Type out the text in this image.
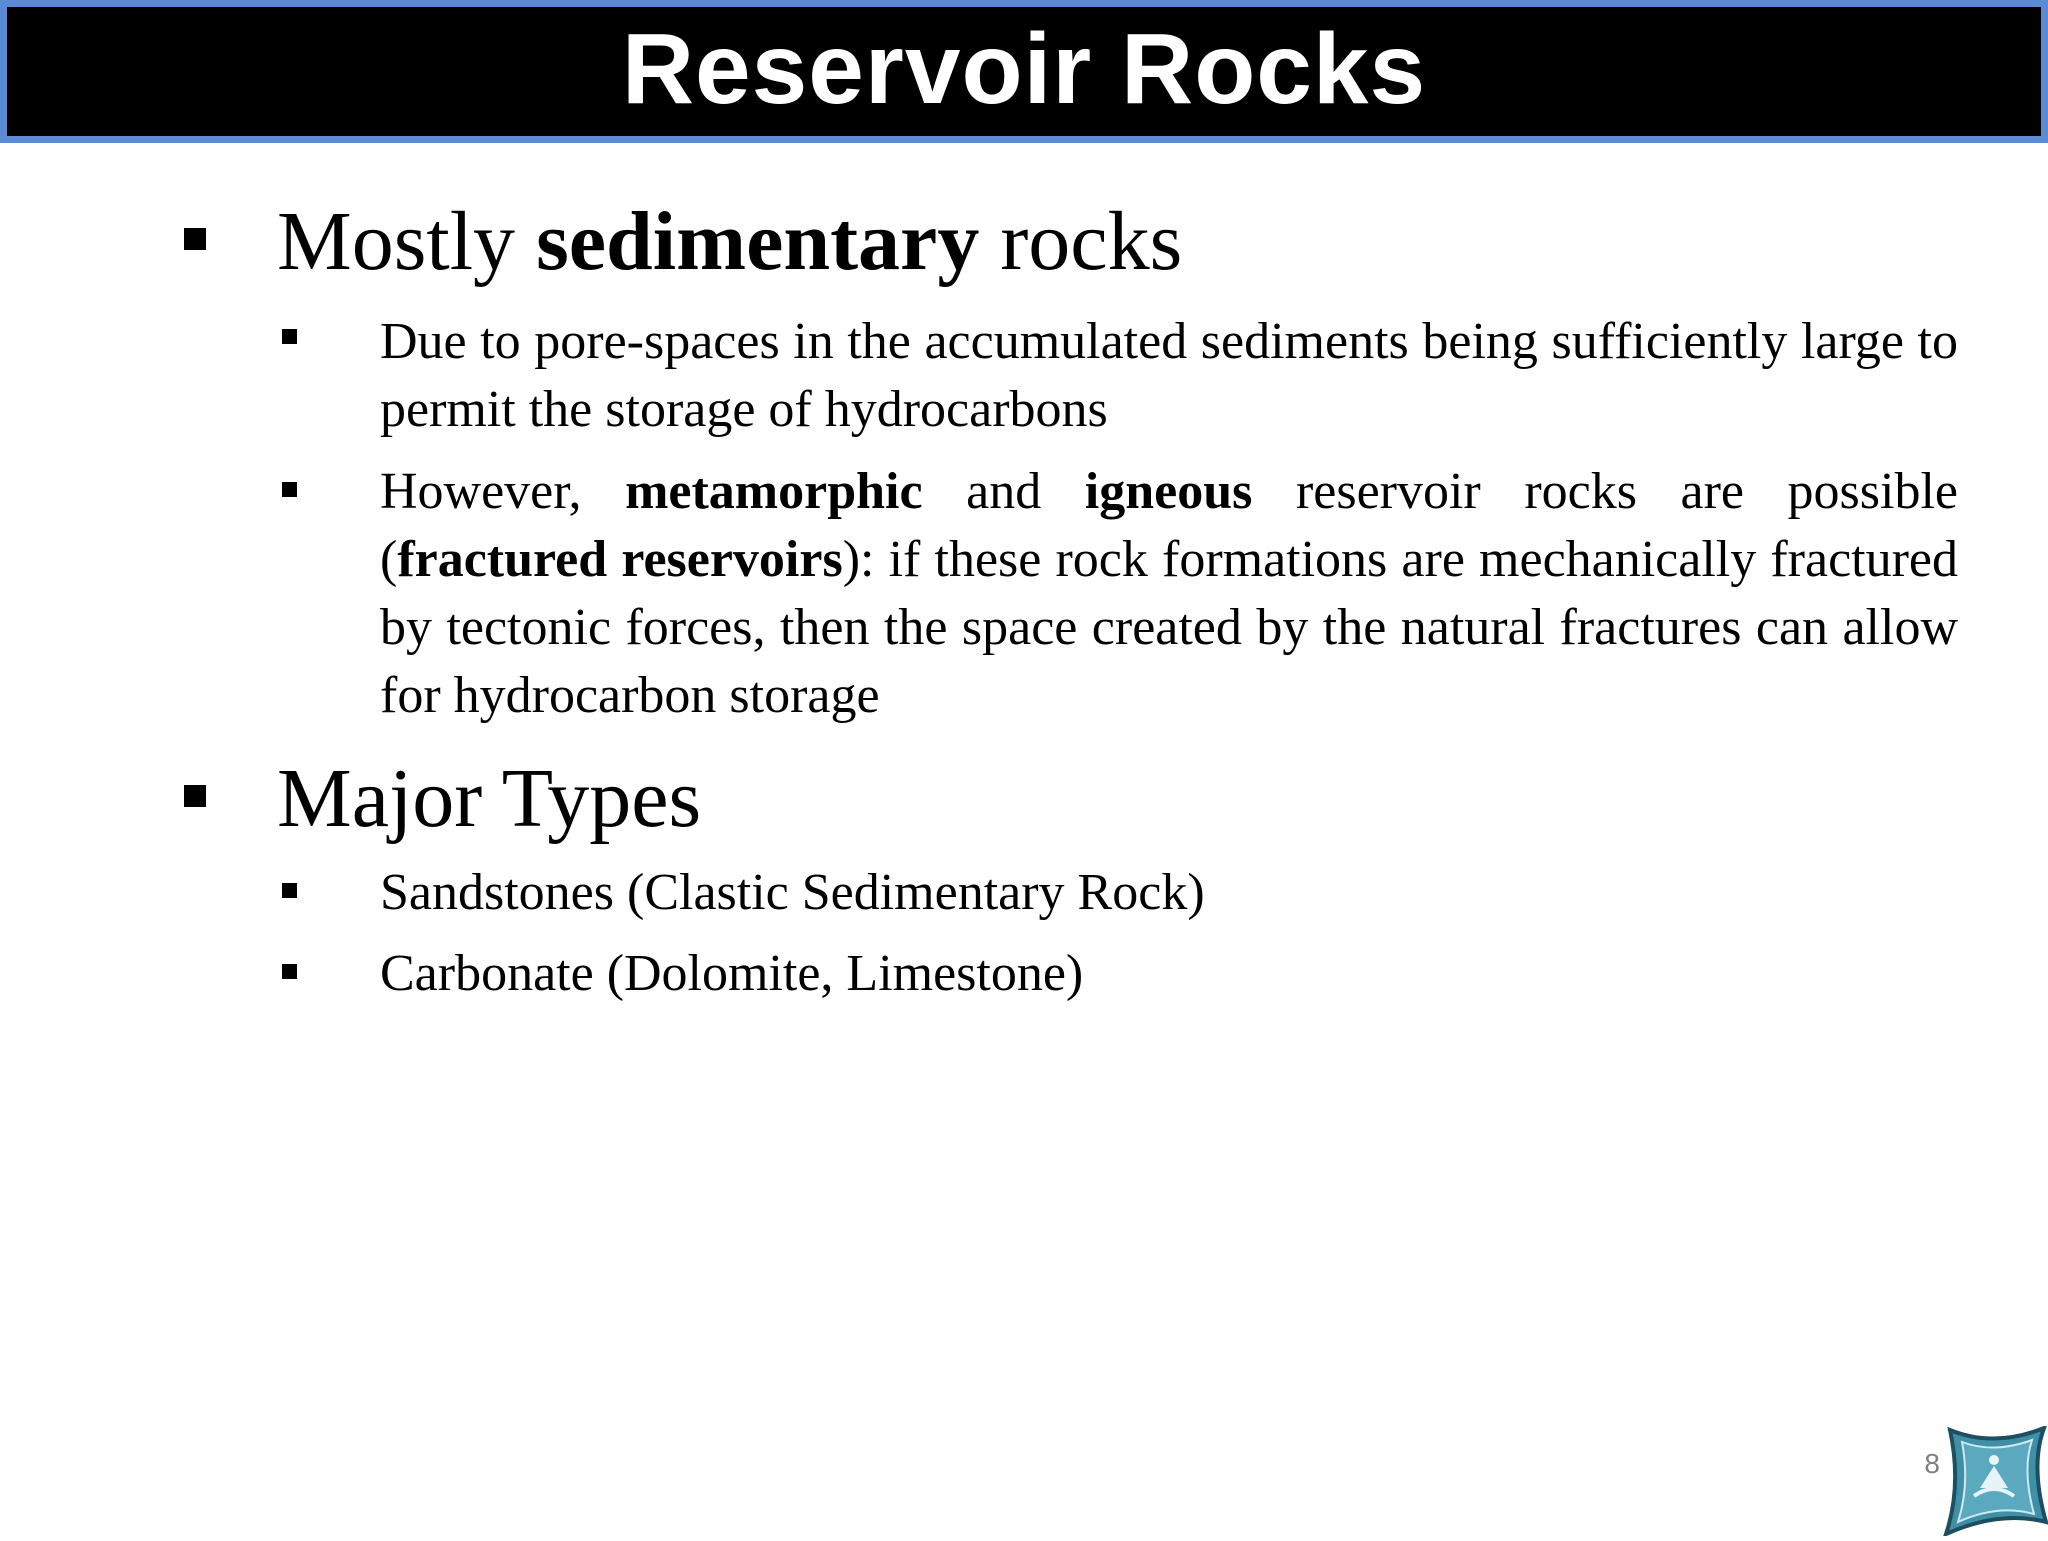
Reservoir Rocks
Mostly sedimentary rocks
Due to pore-spaces in the accumulated sediments being sufficiently large to permit the storage of hydrocarbons
However, metamorphic and igneous reservoir rocks are possible (fractured reservoirs): if these rock formations are mechanically fractured by tectonic forces, then the space created by the natural fractures can allow for hydrocarbon storage
Major Types
Sandstones (Clastic Sedimentary Rock)
Carbonate (Dolomite, Limestone)
8
